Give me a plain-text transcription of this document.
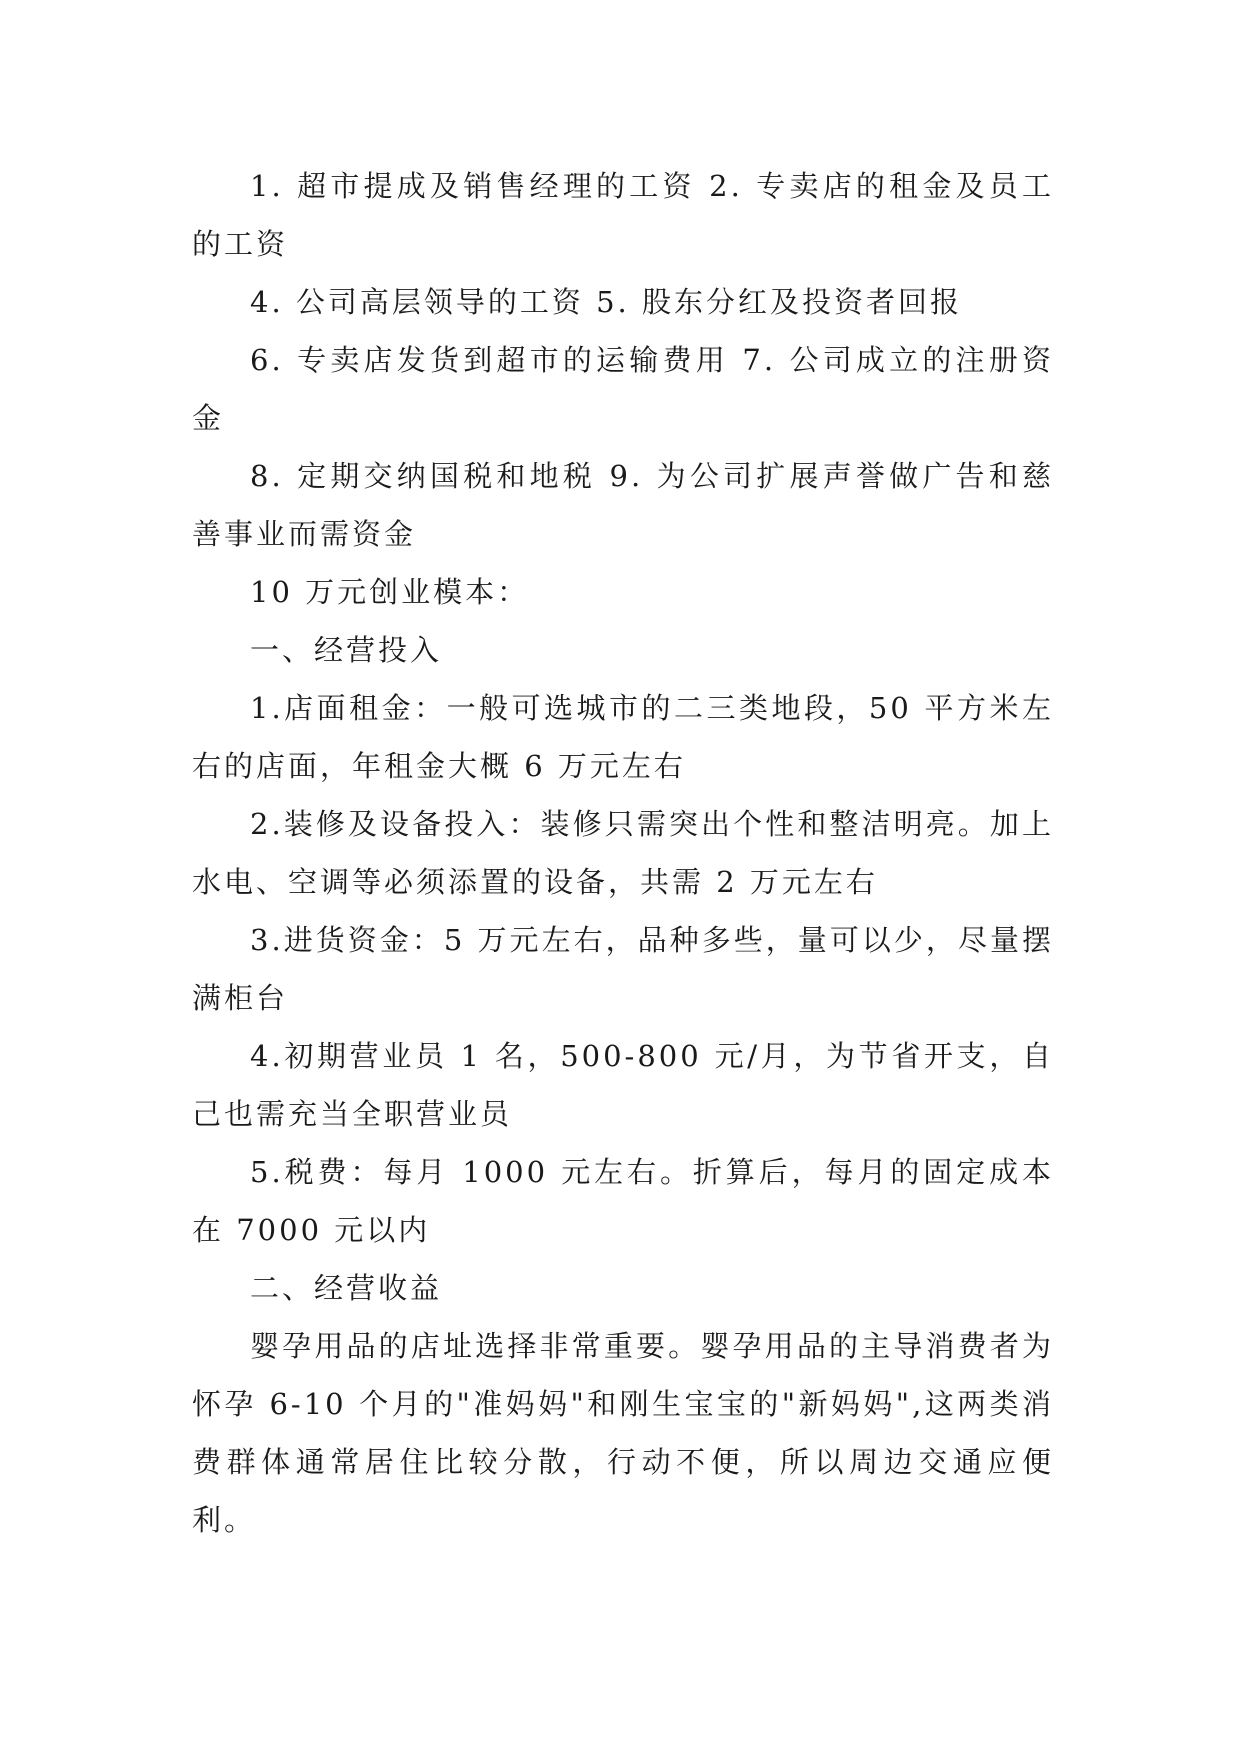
1. 超市提成及销售经理的工资 2. 专卖店的租金及员工的工资

4. 公司高层领导的工资 5. 股东分红及投资者回报

6. 专卖店发货到超市的运输费用 7. 公司成立的注册资金

8. 定期交纳国税和地税 9. 为公司扩展声誉做广告和慈善事业而需资金

10 万元创业模本：

一、经营投入

1.店面租金：一般可选城市的二三类地段，50 平方米左右的店面，年租金大概 6 万元左右

2.装修及设备投入：装修只需突出个性和整洁明亮。加上水电、空调等必须添置的设备，共需 2 万元左右

3.进货资金：5 万元左右，品种多些，量可以少，尽量摆满柜台

4.初期营业员 1 名，500-800 元/月，为节省开支，自己也需充当全职营业员

5.税费：每月 1000 元左右。折算后，每月的固定成本在 7000 元以内

二、经营收益

婴孕用品的店址选择非常重要。婴孕用品的主导消费者为怀孕 6-10 个月的"准妈妈"和刚生宝宝的"新妈妈",这两类消费群体通常居住比较分散，行动不便，所以周边交通应便利。
